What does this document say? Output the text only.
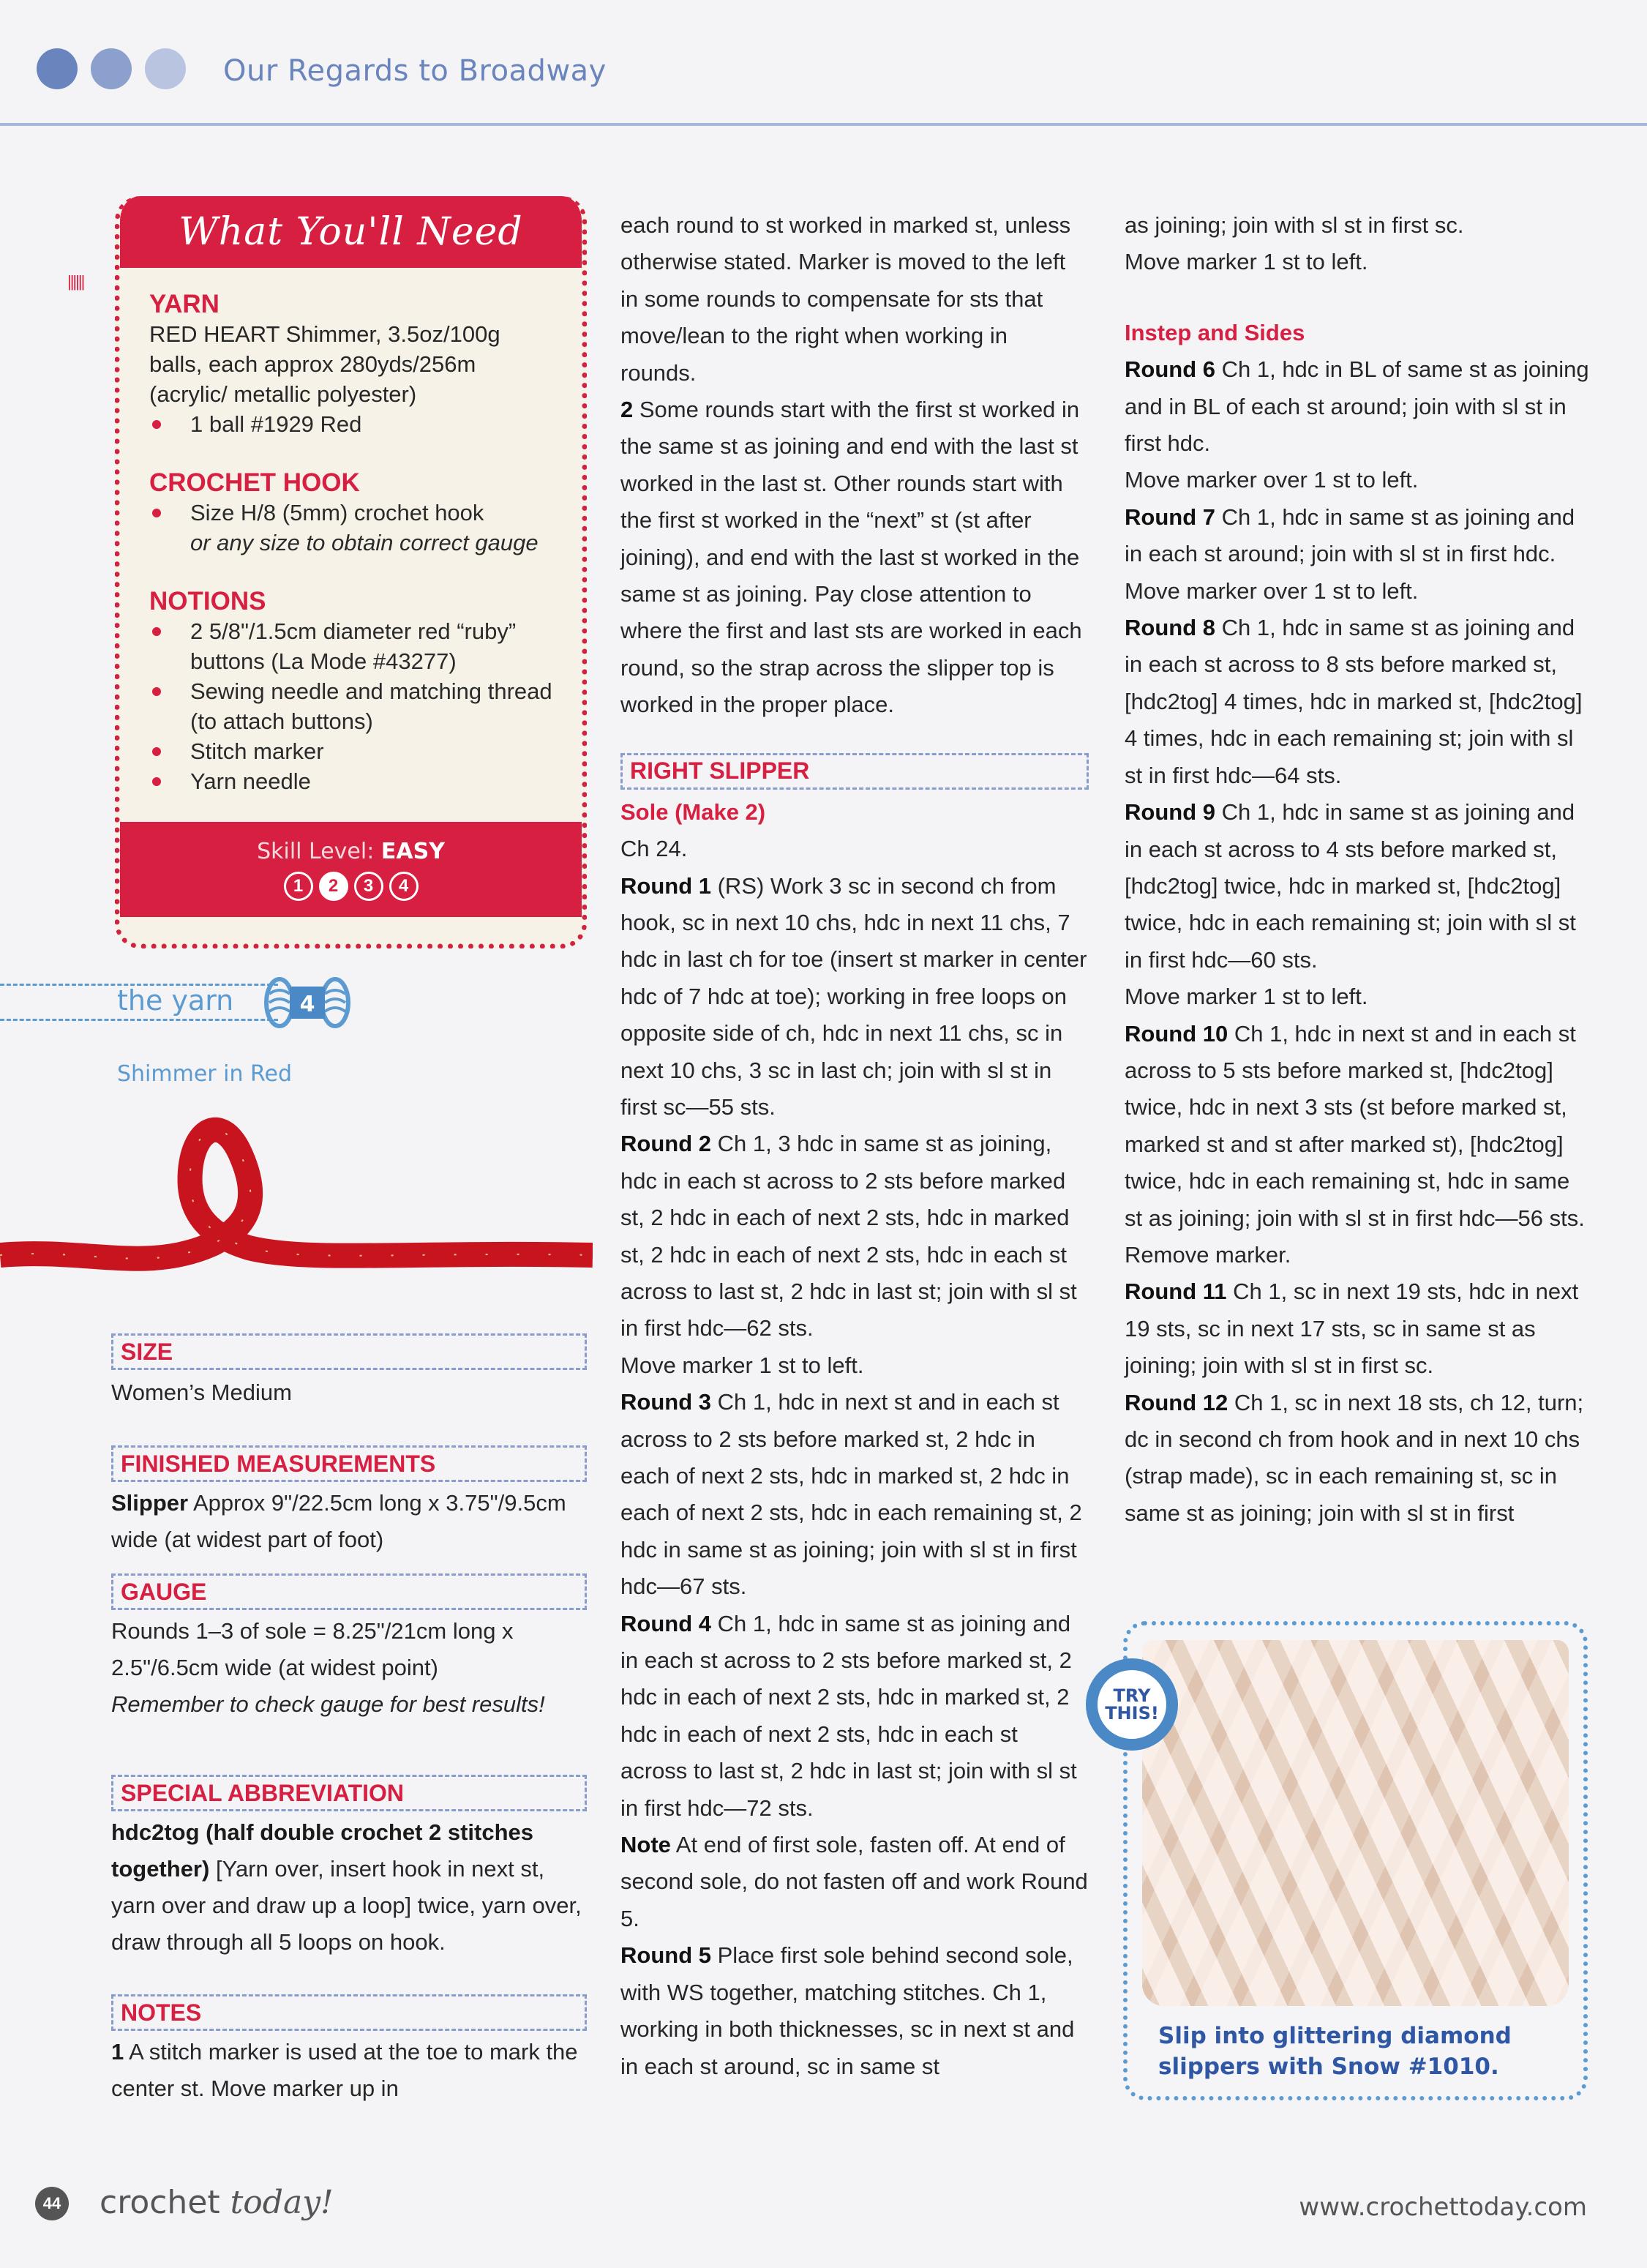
Our Regards to Broadway
||||||
What You'll Need
YARN
RED HEART Shimmer, 3.5oz/100g balls, each approx 280yds/256m (acrylic/ metallic polyester)
1 ball #1929 Red
CROCHET HOOK
Size H/8 (5mm) crochet hook
or any size to obtain correct gauge
NOTIONS
2 5/8"/1.5cm diameter red “ruby” buttons (La Mode #43277)
Sewing needle and matching thread (to attach buttons)
Stitch marker
Yarn needle
Skill Level: EASY
1	2	3	4
the yarn	4
Shimmer in Red
SIZE
Women’s Medium
FINISHED MEASUREMENTS
Slipper Approx 9"/22.5cm long x 3.75"/9.5cm wide (at widest part of foot)
GAUGE
Rounds 1–3 of sole = 8.25"/21cm long x 2.5"/6.5cm wide (at widest point)
Remember to check gauge for best results!
SPECIAL ABBREVIATION
hdc2tog (half double crochet 2 stitches together) [Yarn over, insert hook in next st, yarn over and draw up a loop] twice, yarn over, draw through all 5 loops on hook.
NOTES
1 A stitch marker is used at the toe to mark the center st. Move marker up in

each round to st worked in marked st, unless otherwise stated. Marker is moved to the left in some rounds to compensate for sts that move/lean to the right when working in rounds.

2 Some rounds start with the first st worked in the same st as joining and end with the last st worked in the last st. Other rounds start with the first st worked in the “next” st (st after joining), and end with the last st worked in the same st as joining. Pay close attention to where the first and last sts are worked in each round, so the strap across the slipper top is worked in the proper place.

RIGHT SLIPPER

Sole (Make 2)

Ch 24.

Round 1 (RS) Work 3 sc in second ch from hook, sc in next 10 chs, hdc in next 11 chs, 7 hdc in last ch for toe (insert st marker in center hdc of 7 hdc at toe); working in free loops on opposite side of ch, hdc in next 11 chs, sc in next 10 chs, 3 sc in last ch; join with sl st in first sc—55 sts.

Round 2 Ch 1, 3 hdc in same st as joining, hdc in each st across to 2 sts before marked st, 2 hdc in each of next 2 sts, hdc in marked st, 2 hdc in each of next 2 sts, hdc in each st across to last st, 2 hdc in last st; join with sl st in first hdc—62 sts.

Move marker 1 st to left.

Round 3 Ch 1, hdc in next st and in each st across to 2 sts before marked st, 2 hdc in each of next 2 sts, hdc in marked st, 2 hdc in each of next 2 sts, hdc in each remaining st, 2 hdc in same st as joining; join with sl st in first hdc—67 sts.

Round 4 Ch 1, hdc in same st as joining and in each st across to 2 sts before marked st, 2 hdc in each of next 2 sts, hdc in marked st, 2 hdc in each of next 2 sts, hdc in each st across to last st, 2 hdc in last st; join with sl st in first hdc—72 sts.

Note At end of first sole, fasten off. At end of second sole, do not fasten off and work Round 5.

Round 5 Place first sole behind second sole, with WS together, matching stitches. Ch 1, working in both thicknesses, sc in next st and in each st around, sc in same st

as joining; join with sl st in first sc.

Move marker 1 st to left.

Instep and Sides

Round 6 Ch 1, hdc in BL of same st as joining and in BL of each st around; join with sl st in first hdc.

Move marker over 1 st to left.

Round 7 Ch 1, hdc in same st as joining and in each st around; join with sl st in first hdc.

Move marker over 1 st to left.

Round 8 Ch 1, hdc in same st as joining and in each st across to 8 sts before marked st, [hdc2tog] 4 times, hdc in marked st, [hdc2tog] 4 times, hdc in each remaining st; join with sl st in first hdc—64 sts.

Round 9 Ch 1, hdc in same st as joining and in each st across to 4 sts before marked st, [hdc2tog] twice, hdc in marked st, [hdc2tog] twice, hdc in each remaining st; join with sl st in first hdc—60 sts.

Move marker 1 st to left.

Round 10 Ch 1, hdc in next st and in each st across to 5 sts before marked st, [hdc2tog] twice, hdc in next 3 sts (st before marked st, marked st and st after marked st), [hdc2tog] twice, hdc in each remaining st, hdc in same st as joining; join with sl st in first hdc—56 sts.

Remove marker.

Round 11 Ch 1, sc in next 19 sts, hdc in next 19 sts, sc in next 17 sts, sc in same st as joining; join with sl st in first sc.

Round 12 Ch 1, sc in next 18 sts, ch 12, turn; dc in second ch from hook and in next 10 chs (strap made), sc in each remaining st, sc in same st as joining; join with sl st in first

Slip into glittering diamond slippers with Snow #1010.
TRY THIS!
44 crochet today!	www.crochettoday.com
